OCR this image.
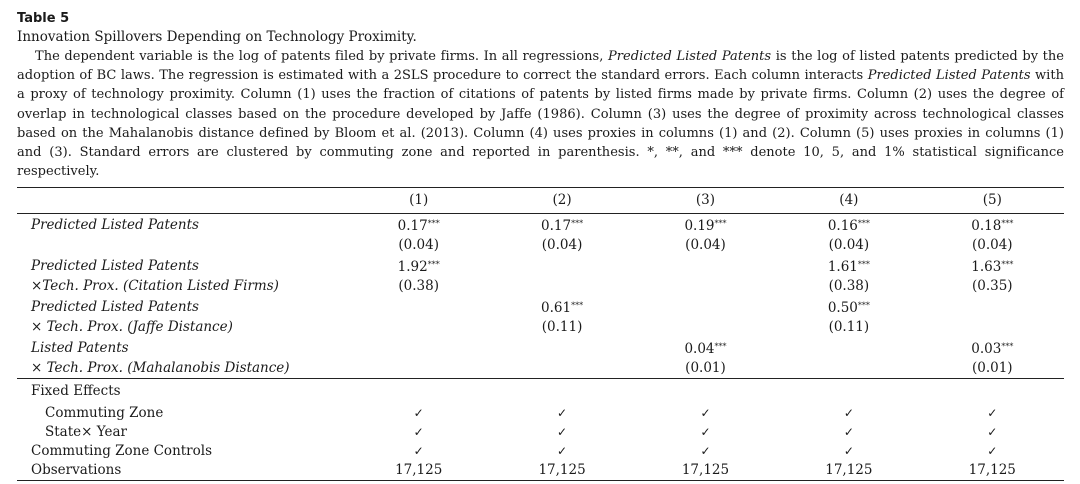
Table 5
Innovation Spillovers Depending on Technology Proximity.

The dependent variable is the log of patents filed by private firms. In all regressions, Predicted Listed Patents is the log of listed patents predicted by the adoption of BC laws. The regression is estimated with a 2SLS procedure to correct the standard errors. Each column interacts Predicted Listed Patents with a proxy of technology proximity. Column (1) uses the fraction of citations of patents by listed firms made by private firms. Column (2) uses the degree of overlap in technological classes based on the procedure developed by Jaffe (1986). Column (3) uses the degree of proximity across technological classes based on the Mahalanobis distance defined by Bloom et al. (2013). Column (4) uses proxies in columns (1) and (2). Column (5) uses proxies in columns (1) and (3). Standard errors are clustered by commuting zone and reported in parenthesis. *, **, and *** denote 10, 5, and 1% statistical significance respectively.

	(1)	(2)	(3)	(4)	(5)
Predicted Listed Patents	0.17***	0.17***	0.19***	0.16***	0.18***
	(0.04)	(0.04)	(0.04)	(0.04)	(0.04)
Predicted Listed Patents	1.92***			1.61***	1.63***
×Tech. Prox. (Citation Listed Firms)	(0.38)			(0.38)	(0.35)
Predicted Listed Patents		0.61***		0.50***	
× Tech. Prox. (Jaffe Distance)		(0.11)		(0.11)	
Listed Patents			0.04***		0.03***
× Tech. Prox. (Mahalanobis Distance)			(0.01)		(0.01)
Fixed Effects					
Commuting Zone	✓	✓	✓	✓	✓
State× Year	✓	✓	✓	✓	✓
Commuting Zone Controls	✓	✓	✓	✓	✓
Observations	17,125	17,125	17,125	17,125	17,125
